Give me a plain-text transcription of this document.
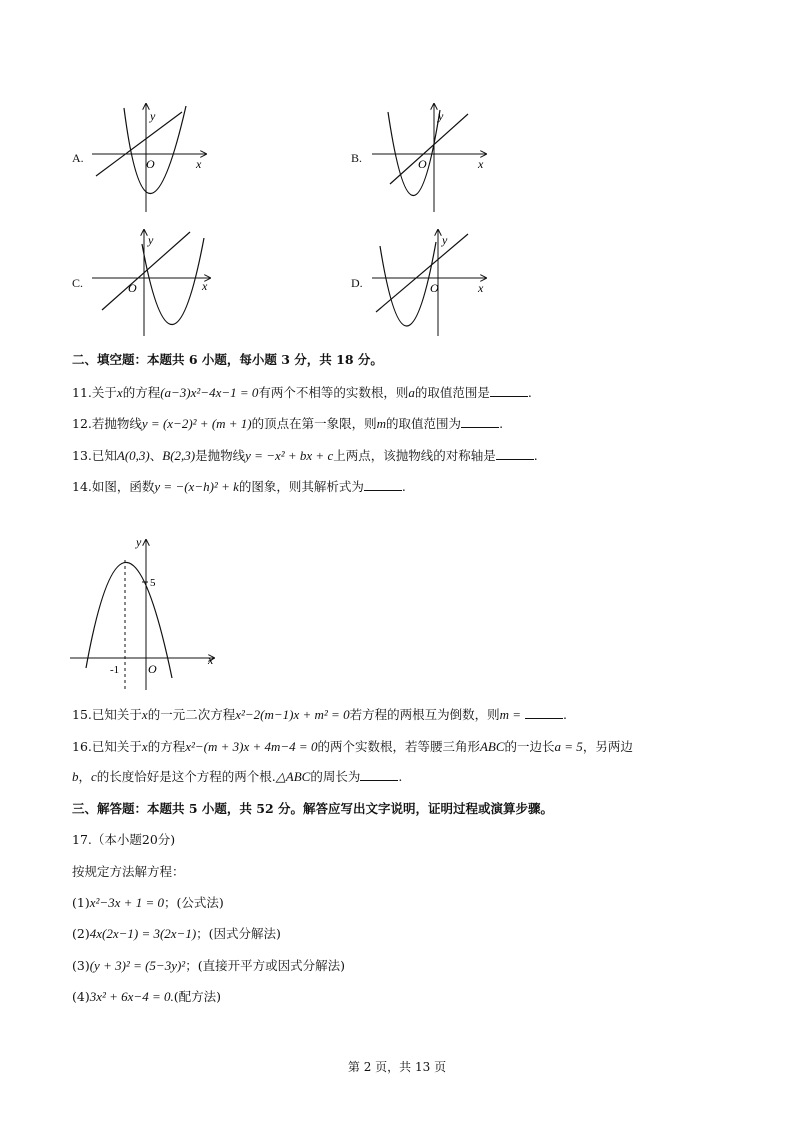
A.
y
x
O	B.
y
x
O
C.
y
x
O	D.
y
x
O
二、填空题：本题共 6 小题，每小题 3 分，共 18 分。
11.关于x的方程(a−3)x²−4x−1 = 0有两个不相等的实数根，则a的取值范围是	.
12.若抛物线y = (x−2)² + (m + 1)的顶点在第一象限，则m的取值范围为	.
13.已知A(0,3)、B(2,3)是抛物线y = −x² + bx + c上两点，该抛物线的对称轴是	.
14.如图，函数y = −(x−h)² + k的图象，则其解析式为	.
y
x
5
-1 O
15.已知关于x的一元二次方程x²−2(m−1)x + m² = 0若方程的两根互为倒数，则m =	.
16.已知关于x的方程x²−(m + 3)x + 4m−4 = 0的两个实数根，若等腰三角形ABC的一边长a = 5，另两边
b，c的长度恰好是这个方程的两个根.△ABC的周长为	.
三、解答题：本题共 5 小题，共 52 分。解答应写出文字说明，证明过程或演算步骤。
17.（本小题20分)
按规定方法解方程：
(1)x²−3x + 1 = 0；(公式法)
(2)4x(2x−1) = 3(2x−1)；(因式分解法)
(3)(y + 3)² = (5−3y)²；(直接开平方或因式分解法)
(4)3x² + 6x−4 = 0.(配方法)
第 2 页，共 13 页
